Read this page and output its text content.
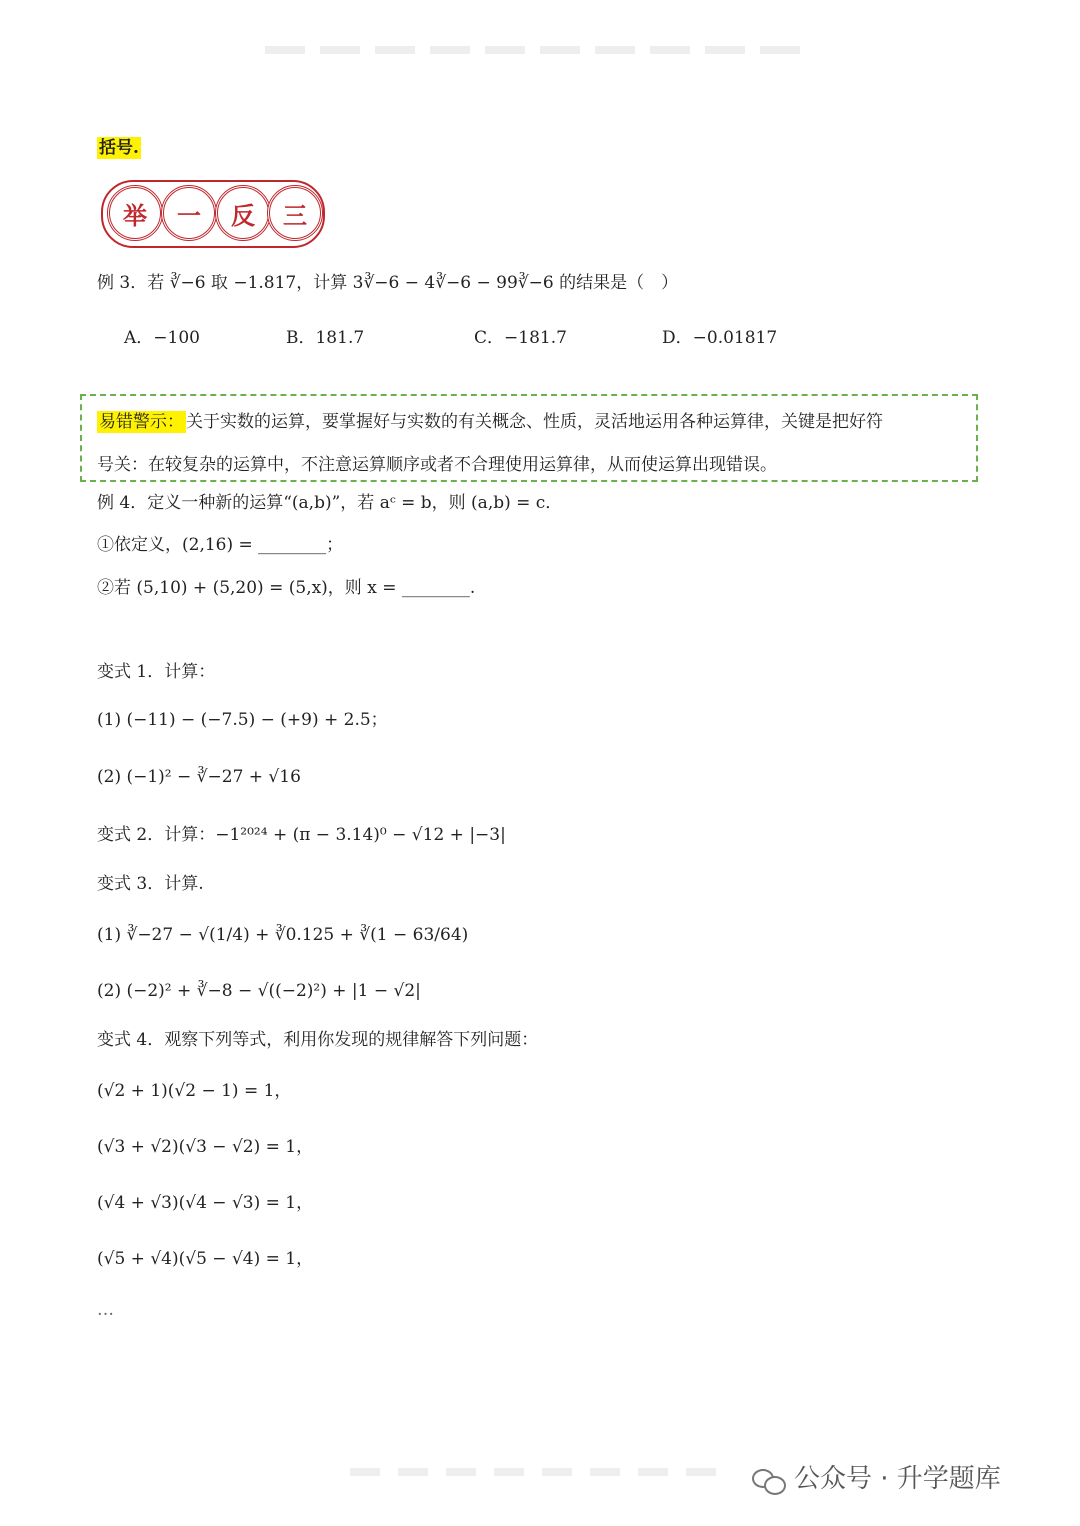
括号.
举	一	反	三
例 3．若 ∛−6 取 −1.817，计算 3∛−6 − 4∛−6 − 99∛−6 的结果是（　）
A．−100	B．181.7	C．−181.7	D．−0.01817
易错警示： 关于实数的运算，要掌握好与实数的有关概念、性质，灵活地运用各种运算律，关键是把好符
号关：在较复杂的运算中，不注意运算顺序或者不合理使用运算律，从而使运算出现错误。
例 4．定义一种新的运算“(a,b)”，若 aᶜ = b，则 (a,b) = c．
①依定义，(2,16) = ________；
②若 (5,10) + (5,20) = (5,x)，则 x = ________.
变式 1．计算：
(1) (−11) − (−7.5) − (+9) + 2.5；
(2) (−1)² − ∛−27 + √16
变式 2．计算：−1²⁰²⁴ + (π − 3.14)⁰ − √12 + |−3|
变式 3．计算.
(1) ∛−27 − √(1/4) + ∛0.125 + ∛(1 − 63/64)
(2) (−2)² + ∛−8 − √((−2)²) + |1 − √2|
变式 4．观察下列等式，利用你发现的规律解答下列问题：
(√2 + 1)(√2 − 1) = 1，
(√3 + √2)(√3 − √2) = 1，
(√4 + √3)(√4 − √3) = 1，
(√5 + √4)(√5 − √4) = 1，
…
公众号 · 升学题库
